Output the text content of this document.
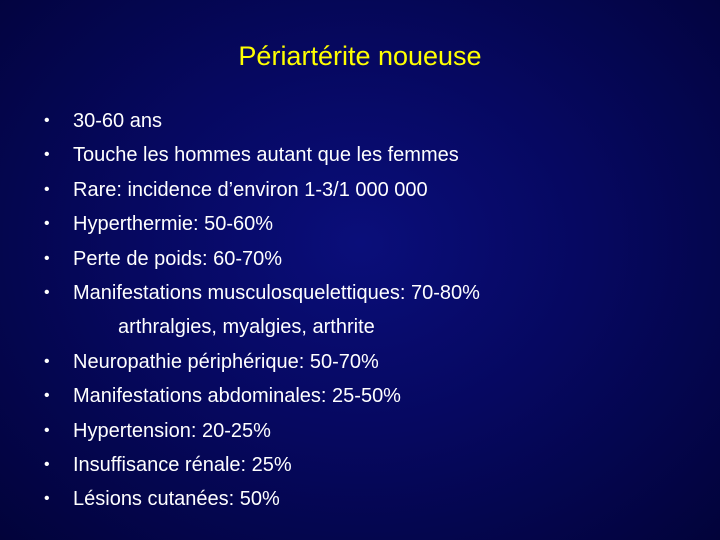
Périartérite noueuse
•	30-60 ans
•	Touche les hommes autant que les femmes
•	Rare: incidence d’environ 1-3/1 000 000
•	Hyperthermie: 50-60%
•	Perte de poids: 60-70%
•	Manifestations musculosquelettiques: 70-80%
arthralgies, myalgies, arthrite
•	Neuropathie périphérique: 50-70%
•	Manifestations abdominales: 25-50%
•	Hypertension: 20-25%
•	Insuffisance rénale: 25%
•	Lésions cutanées: 50%
